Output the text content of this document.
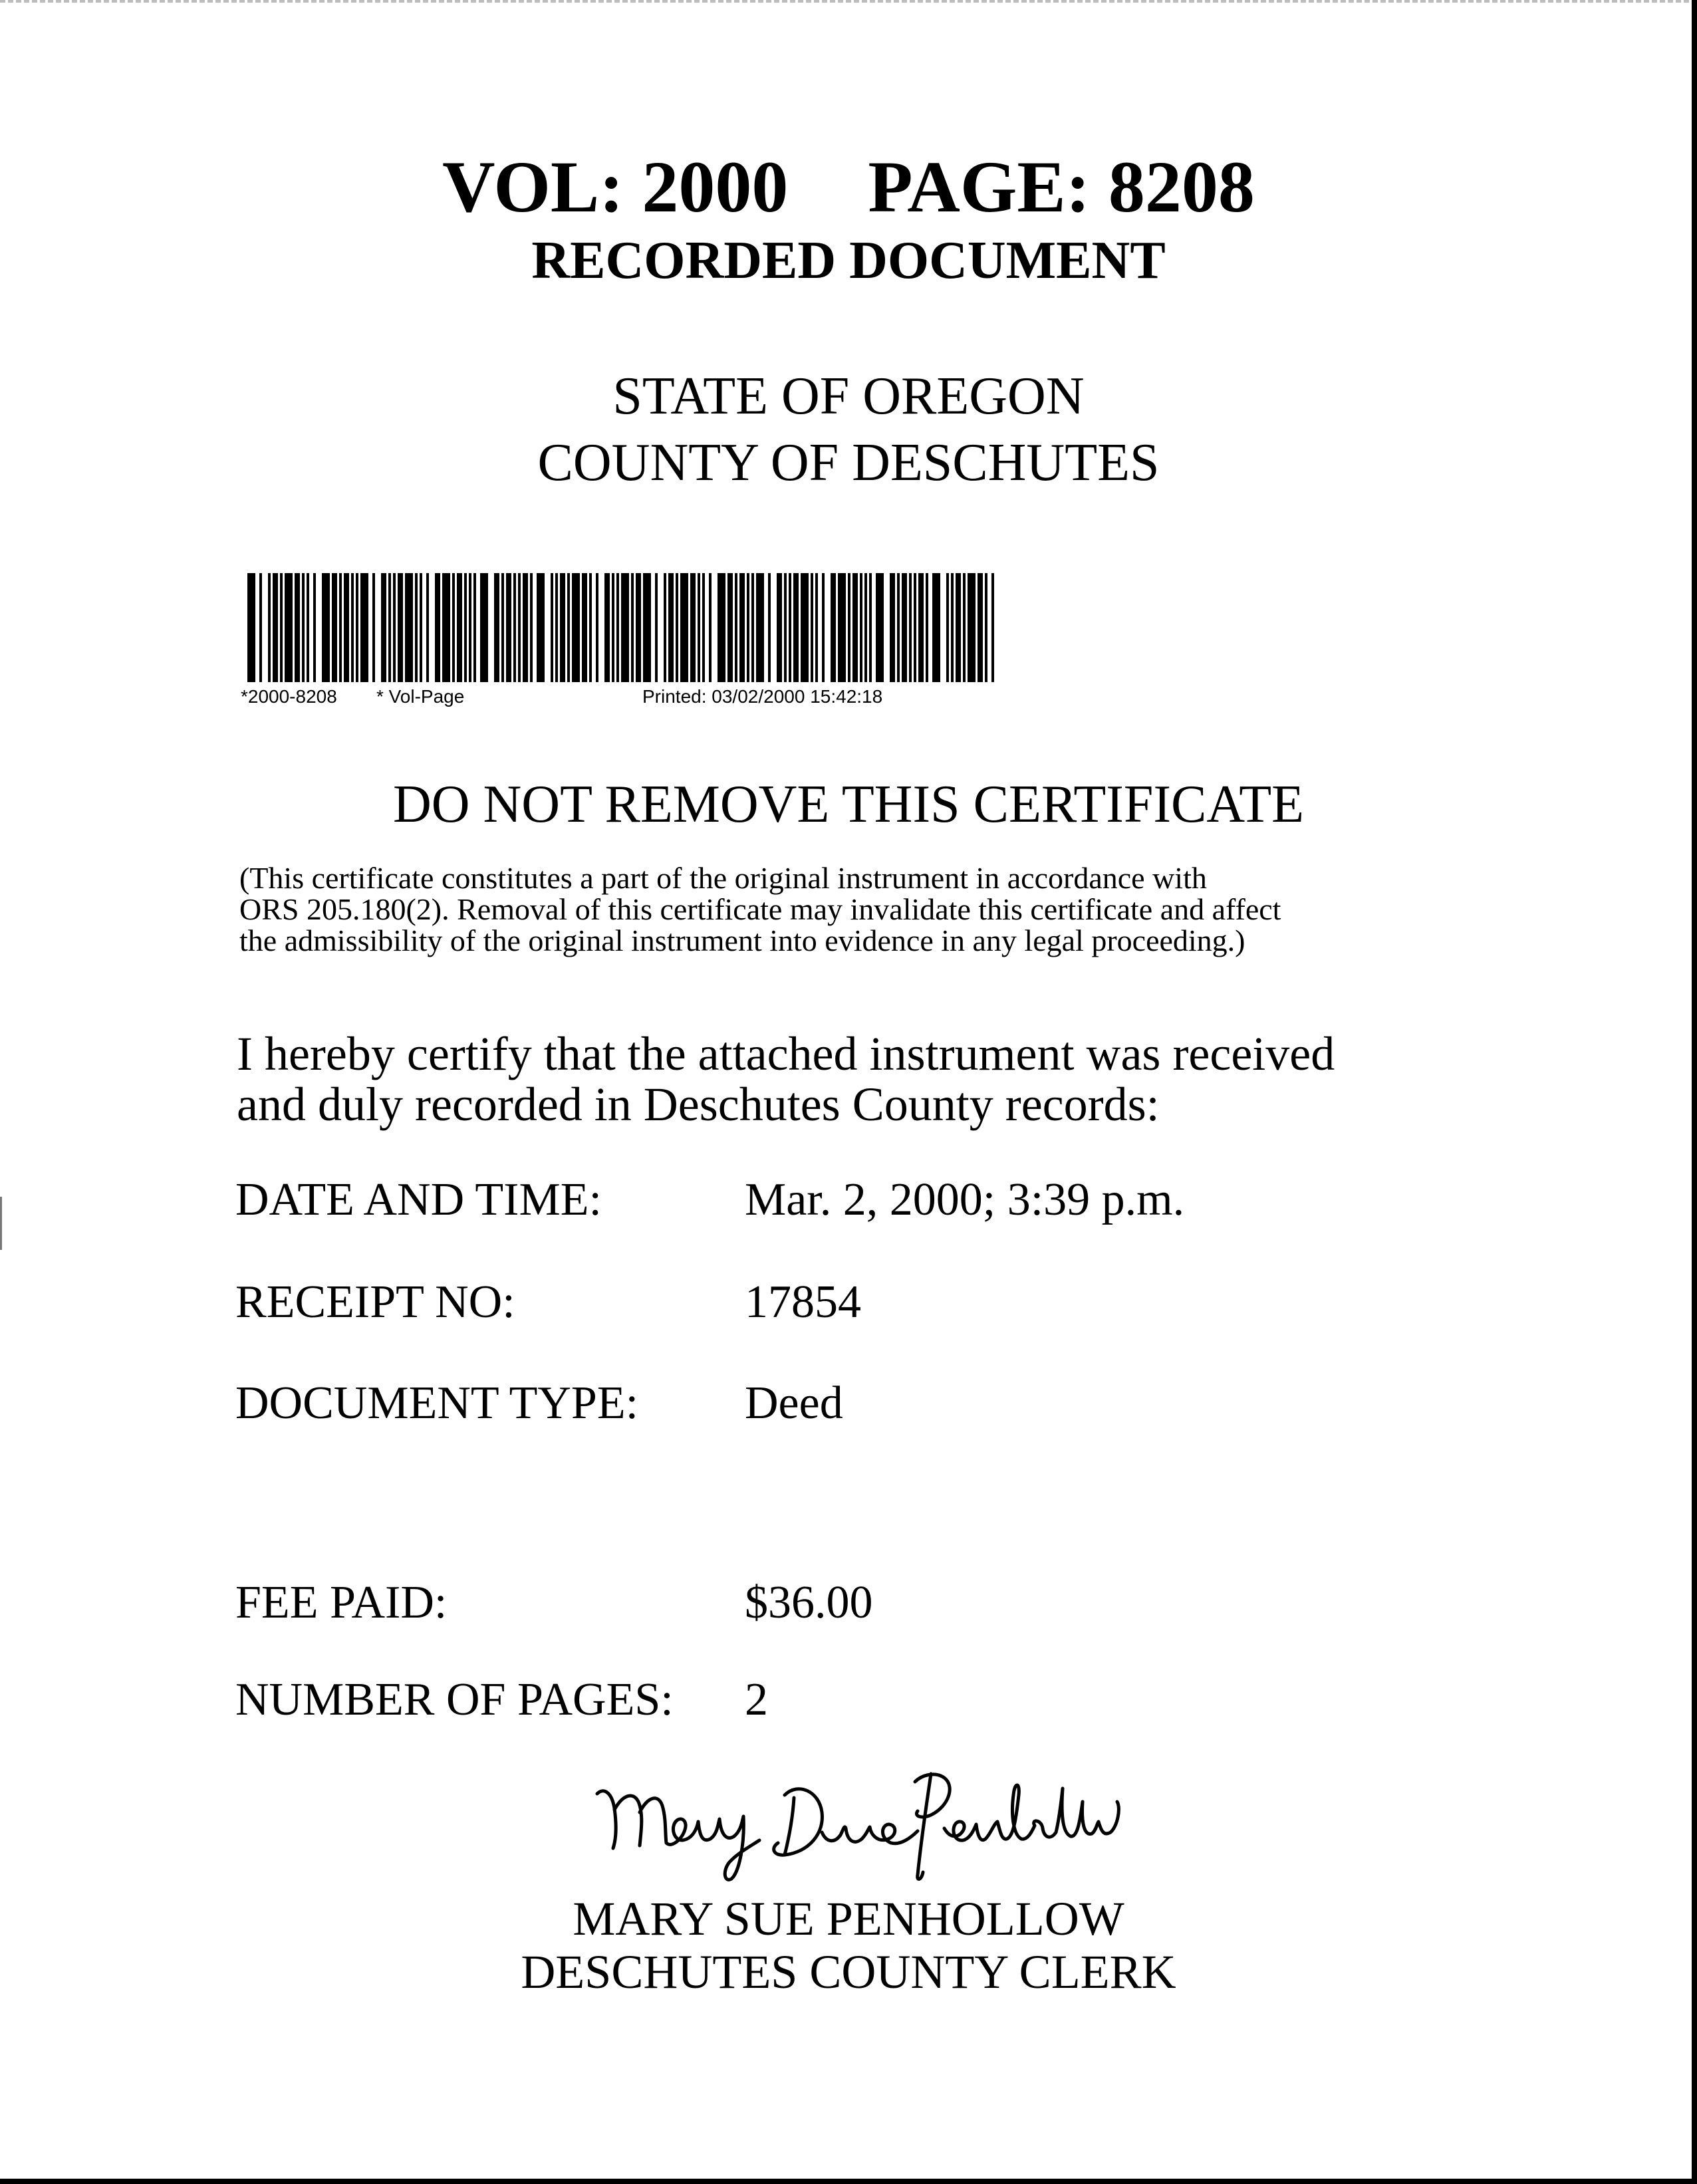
VOL: 2000 PAGE: 8208
RECORDED DOCUMENT
STATE OF OREGON
COUNTY OF DESCHUTES
*2000-8208 * Vol-Page	Printed: 03/02/2000 15:42:18
DO NOT REMOVE THIS CERTIFICATE
(This certificate constitutes a part of the original instrument in accordance with
ORS 205.180(2). Removal of this certificate may invalidate this certificate and affect
the admissibility of the original instrument into evidence in any legal proceeding.)
I hereby certify that the attached instrument was received
and duly recorded in Deschutes County records:
DATE AND TIME:	Mar. 2, 2000; 3:39 p.m.
RECEIPT NO:	17854
DOCUMENT TYPE: Deed
FEE PAID:	$36.00
NUMBER OF PAGES: 2
MARY SUE PENHOLLOW
DESCHUTES COUNTY CLERK
